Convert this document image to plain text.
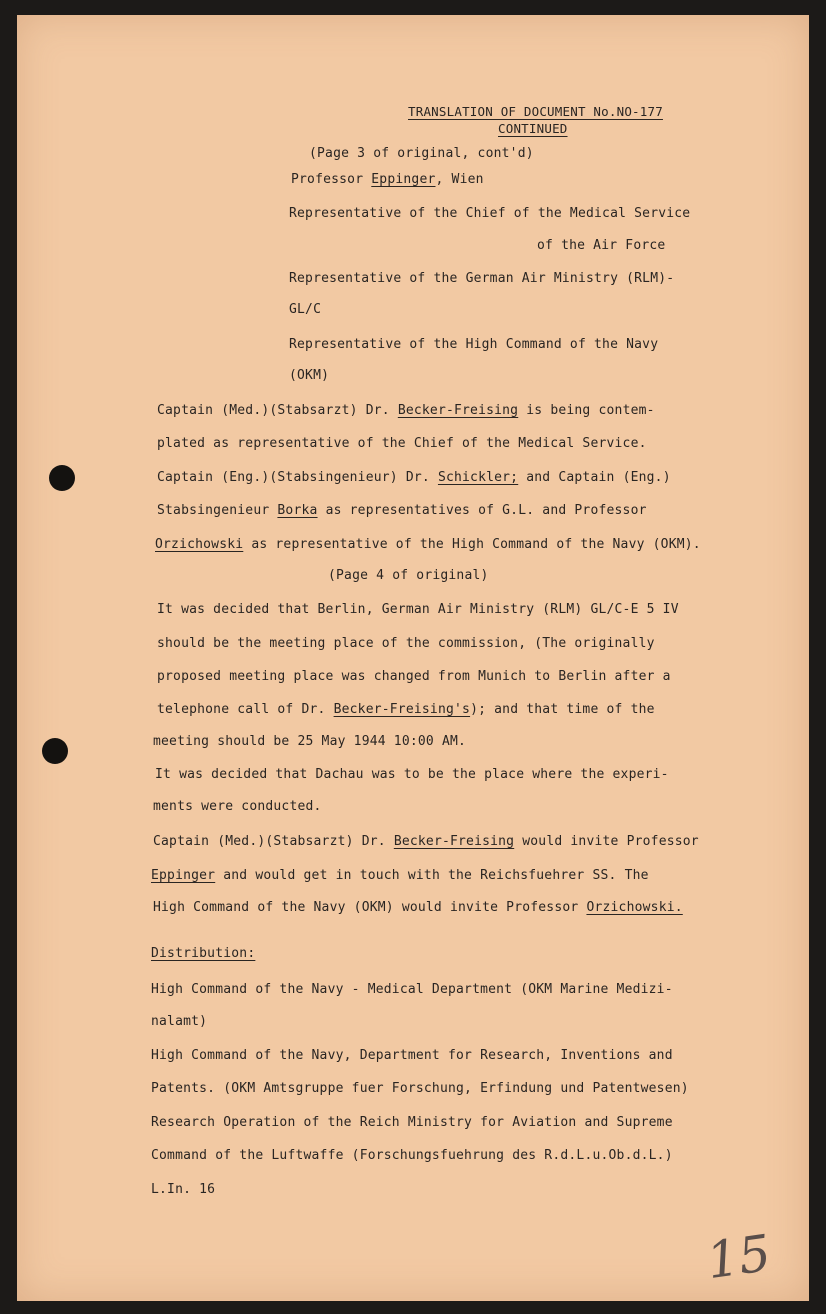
TRANSLATION OF DOCUMENT No.NO-177
CONTINUED
(Page 3 of original, cont'd)
Professor Eppinger, Wien
Representative of the Chief of the Medical Service
of the Air Force
Representative of the German Air Ministry (RLM)-
GL/C
Representative of the High Command of the Navy
(OKM)
Captain (Med.)(Stabsarzt) Dr. Becker-Freising is being contem-
plated as representative of the Chief of the Medical Service.
Captain (Eng.)(Stabsingenieur) Dr. Schickler; and Captain (Eng.)
Stabsingenieur Borka as representatives of G.L. and Professor
Orzichowski as representative of the High Command of the Navy (OKM).
(Page 4 of original)
It was decided that Berlin, German Air Ministry (RLM) GL/C-E 5 IV
should be the meeting place of the commission, (The originally
proposed meeting place was changed from Munich to Berlin after a
telephone call of Dr. Becker-Freising's); and that time of the
meeting should be 25 May 1944 10:00 AM.
It was decided that Dachau was to be the place where the experi-
ments were conducted.
Captain (Med.)(Stabsarzt) Dr. Becker-Freising would invite Professor
Eppinger and would get in touch with the Reichsfuehrer SS. The
High Command of the Navy (OKM) would invite Professor Orzichowski.
Distribution:
High Command of the Navy - Medical Department (OKM Marine Medizi-
nalamt)
High Command of the Navy, Department for Research, Inventions and
Patents. (OKM Amtsgruppe fuer Forschung, Erfindung und Patentwesen)
Research Operation of the Reich Ministry for Aviation and Supreme
Command of the Luftwaffe (Forschungsfuehrung des R.d.L.u.Ob.d.L.)
L.In. 16
15
